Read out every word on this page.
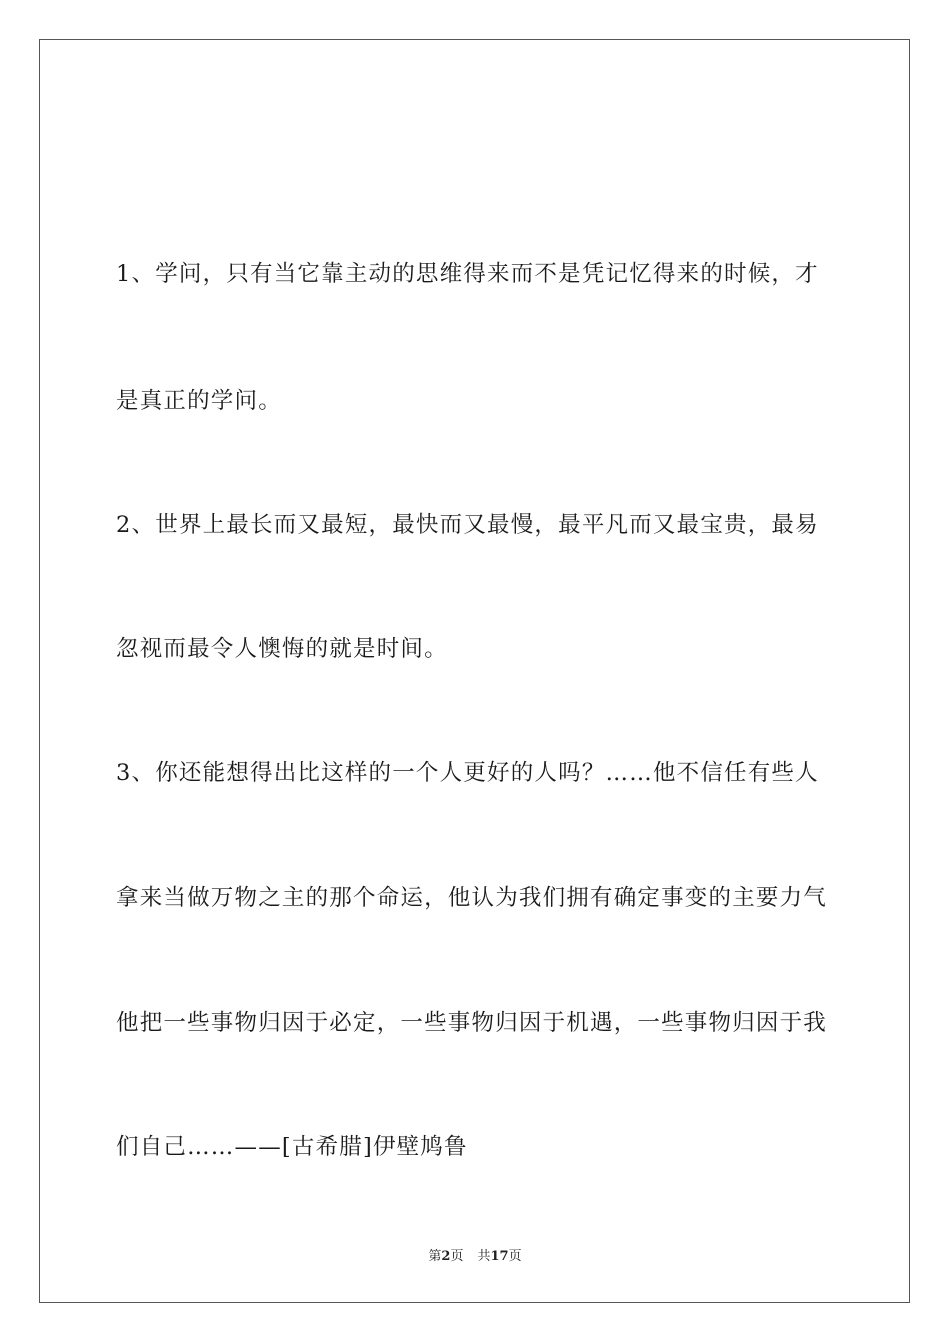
1、学问，只有当它靠主动的思维得来而不是凭记忆得来的时候，才
是真正的学问。
2、世界上最长而又最短，最快而又最慢，最平凡而又最宝贵，最易
忽视而最令人懊悔的就是时间。
3、你还能想得出比这样的一个人更好的人吗？……他不信任有些人
拿来当做万物之主的那个命运，他认为我们拥有确定事变的主要力气
他把一些事物归因于必定，一些事物归因于机遇，一些事物归因于我
们自己……——[古希腊]伊壁鸠鲁
第2页 共17页
